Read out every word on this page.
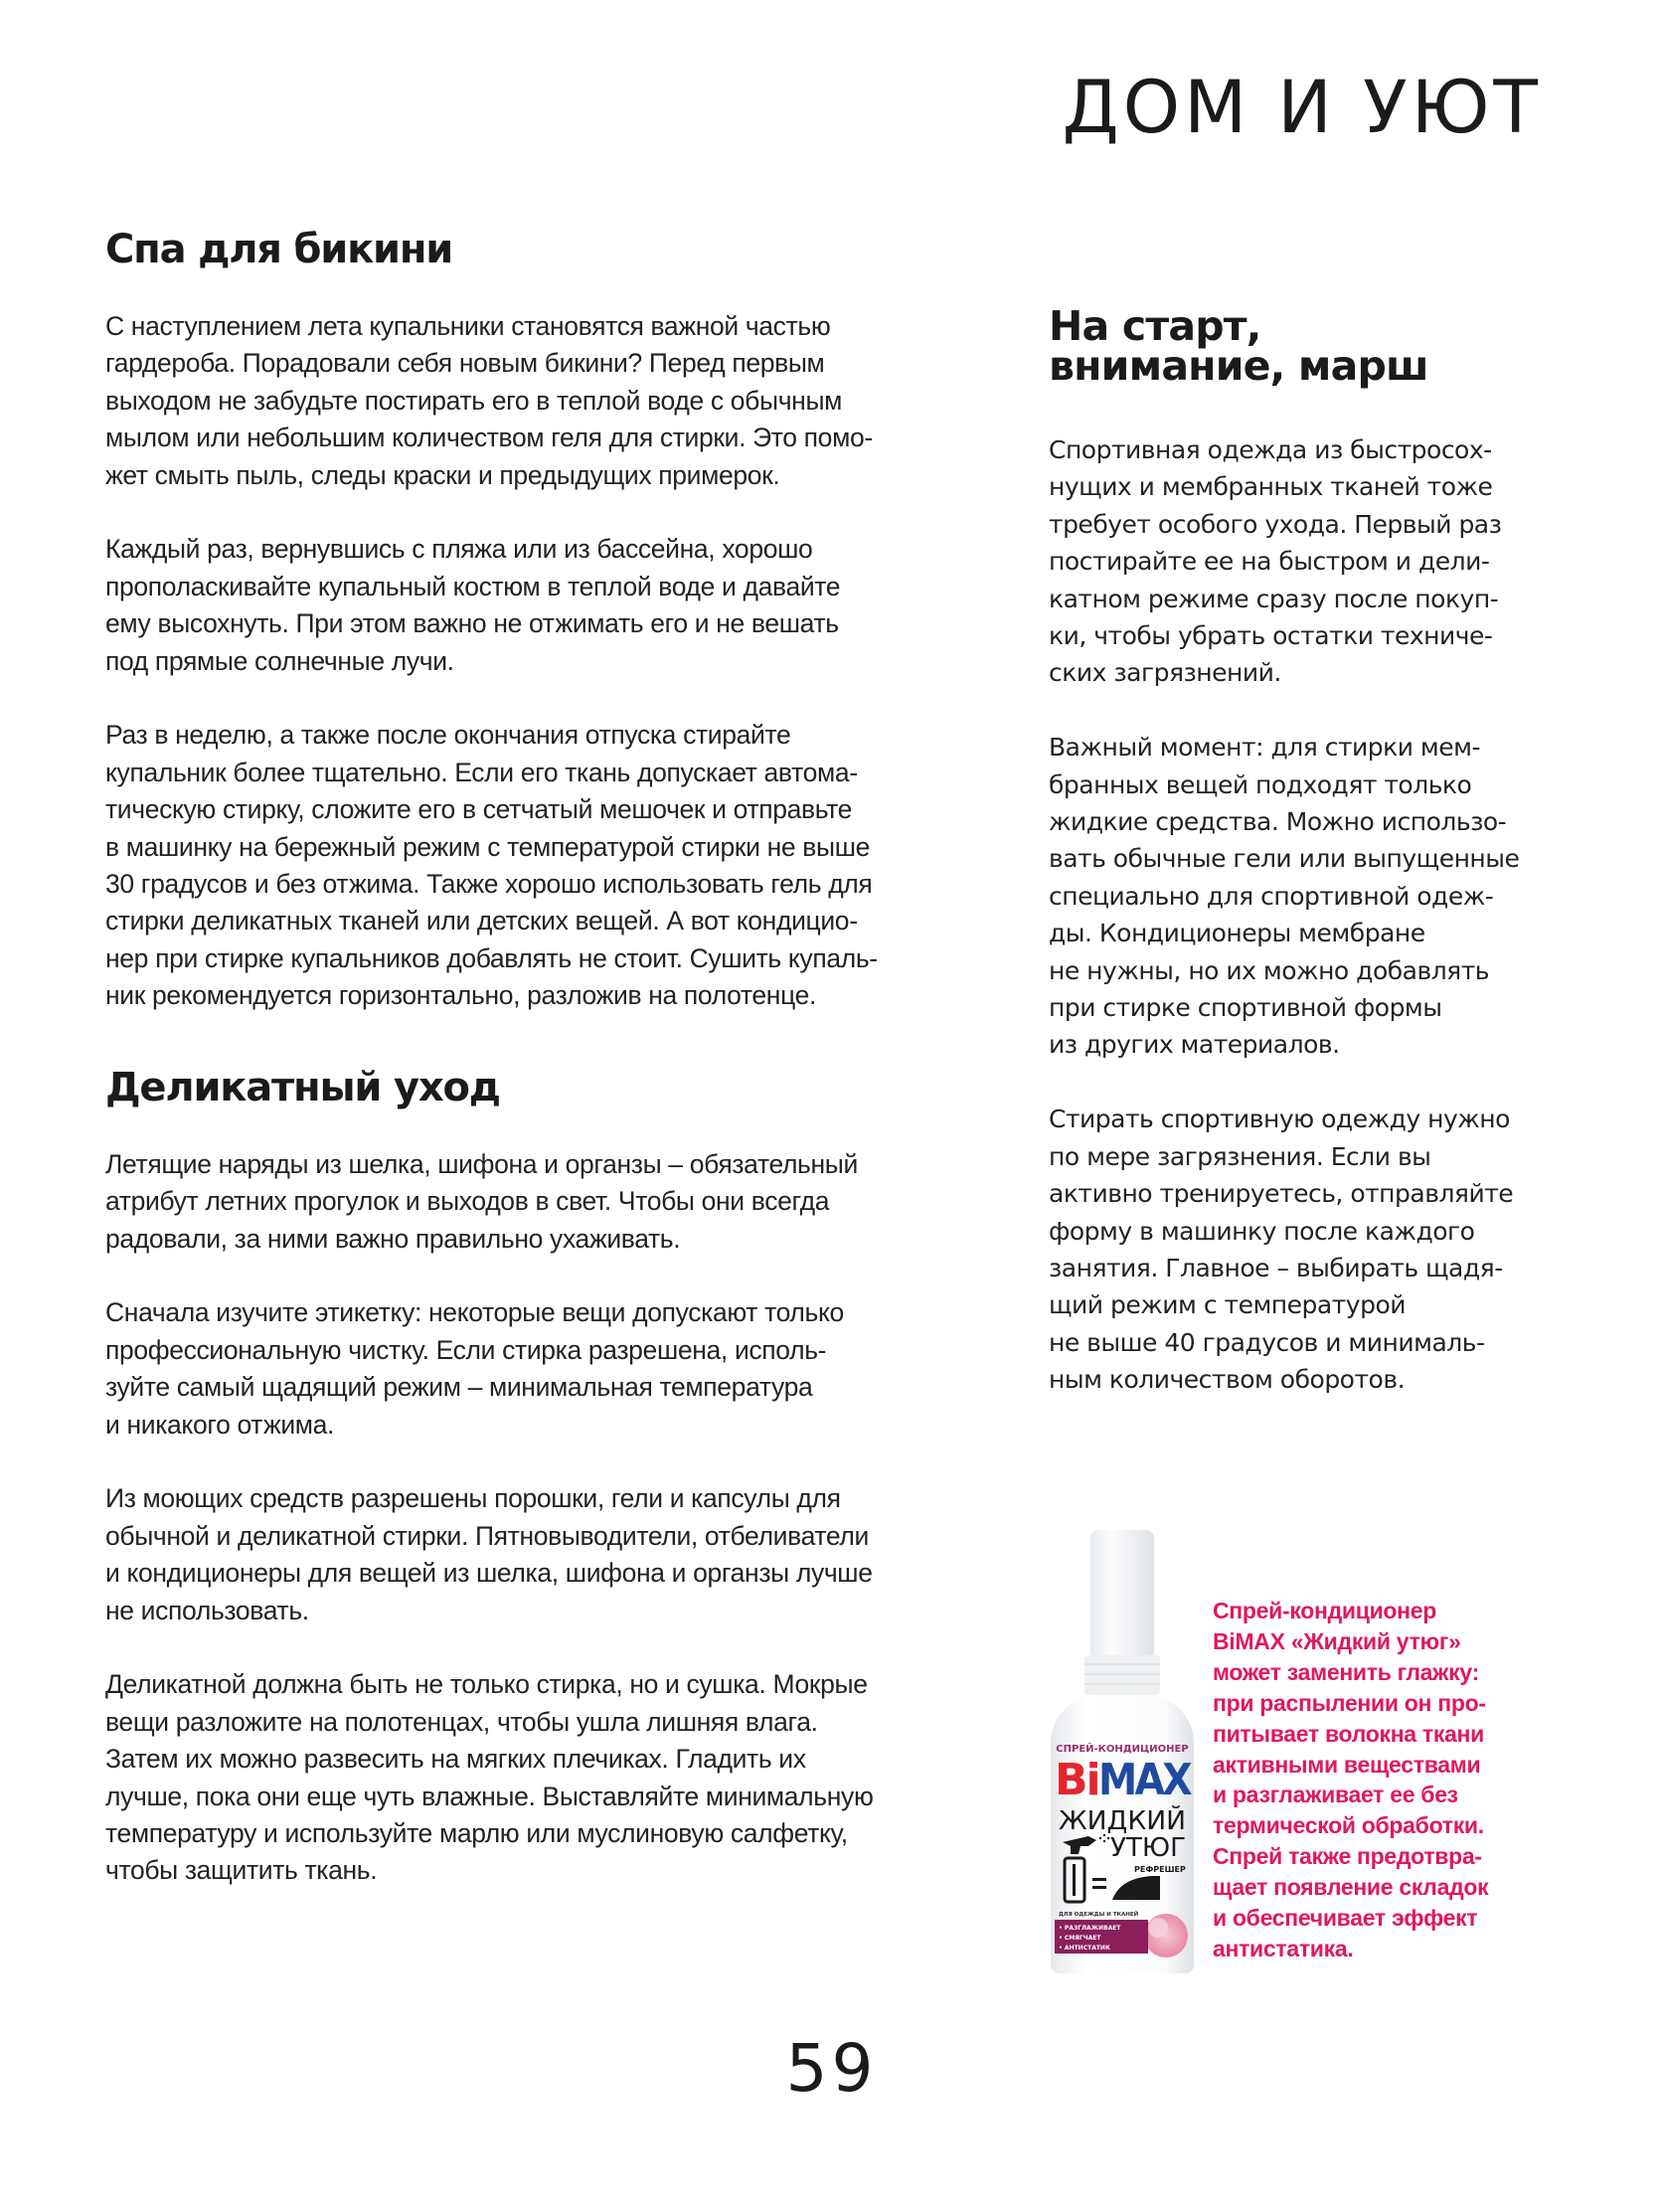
ДОМ И УЮТ
Спа для бикини

С наступлением лета купальники становятся важной частью
гардероба. Порадовали себя новым бикини? Перед первым
выходом не забудьте постирать его в теплой воде с обычным
мылом или небольшим количеством геля для стирки. Это помо-
жет смыть пыль, следы краски и предыдущих примерок.

Каждый раз, вернувшись с пляжа или из бассейна, хорошо
прополаскивайте купальный костюм в теплой воде и давайте
ему высохнуть. При этом важно не отжимать его и не вешать
под прямые солнечные лучи.

Раз в неделю, а также после окончания отпуска стирайте
купальник более тщательно. Если его ткань допускает автома-
тическую стирку, сложите его в сетчатый мешочек и отправьте
в машинку на бережный режим с температурой стирки не выше
30 градусов и без отжима. Также хорошо использовать гель для
стирки деликатных тканей или детских вещей. А вот кондицио-
нер при стирке купальников добавлять не стоит. Сушить купаль-
ник рекомендуется горизонтально, разложив на полотенце.

Деликатный уход

Летящие наряды из шелка, шифона и органзы – обязательный
атрибут летних прогулок и выходов в свет. Чтобы они всегда
радовали, за ними важно правильно ухаживать.

Сначала изучите этикетку: некоторые вещи допускают только
профессиональную чистку. Если стирка разрешена, исполь-
зуйте самый щадящий режим – минимальная температура
и никакого отжима.

Из моющих средств разрешены порошки, гели и капсулы для
обычной и деликатной стирки. Пятновыводители, отбеливатели
и кондиционеры для вещей из шелка, шифона и органзы лучше
не использовать.

Деликатной должна быть не только стирка, но и сушка. Мокрые
вещи разложите на полотенцах, чтобы ушла лишняя влага.
Затем их можно развесить на мягких плечиках. Гладить их
лучше, пока они еще чуть влажные. Выставляйте минимальную
температуру и используйте марлю или муслиновую салфетку,
чтобы защитить ткань.

На старт,
внимание, марш

Спортивная одежда из быстросох-
нущих и мембранных тканей тоже
требует особого ухода. Первый раз
постирайте ее на быстром и дели-
катном режиме сразу после покуп-
ки, чтобы убрать остатки техниче-
ских загрязнений.

Важный момент: для стирки мем-
бранных вещей подходят только
жидкие средства. Можно использо-
вать обычные гели или выпущенные
специально для спортивной одеж-
ды. Кондиционеры мембране
не нужны, но их можно добавлять
при стирке спортивной формы
из других материалов.

Стирать спортивную одежду нужно
по мере загрязнения. Если вы
активно тренируетесь, отправляйте
форму в машинку после каждого
занятия. Главное – выбирать щадя-
щий режим с температурой
не выше 40 градусов и минималь-
ным количеством оборотов.

СПРЕЙ-КОНДИЦИОНЕР
Bi MAX
ЖИДКИЙ
УТЮГ
РЕФРЕШЕР
ДЛЯ ОДЕЖДЫ И ТКАНЕЙ
• РАЗГЛАЖИВАЕТ
• СМЯГЧАЕТ
• АНТИСТАТИК
Спрей-кондиционер
BiMAX «Жидкий утюг»
может заменить глажку:
при распылении он про-
питывает волокна ткани
активными веществами
и разглаживает ее без
термической обработки.
Спрей также предотвра-
щает появление складок
и обеспечивает эффект
антистатика.
59
